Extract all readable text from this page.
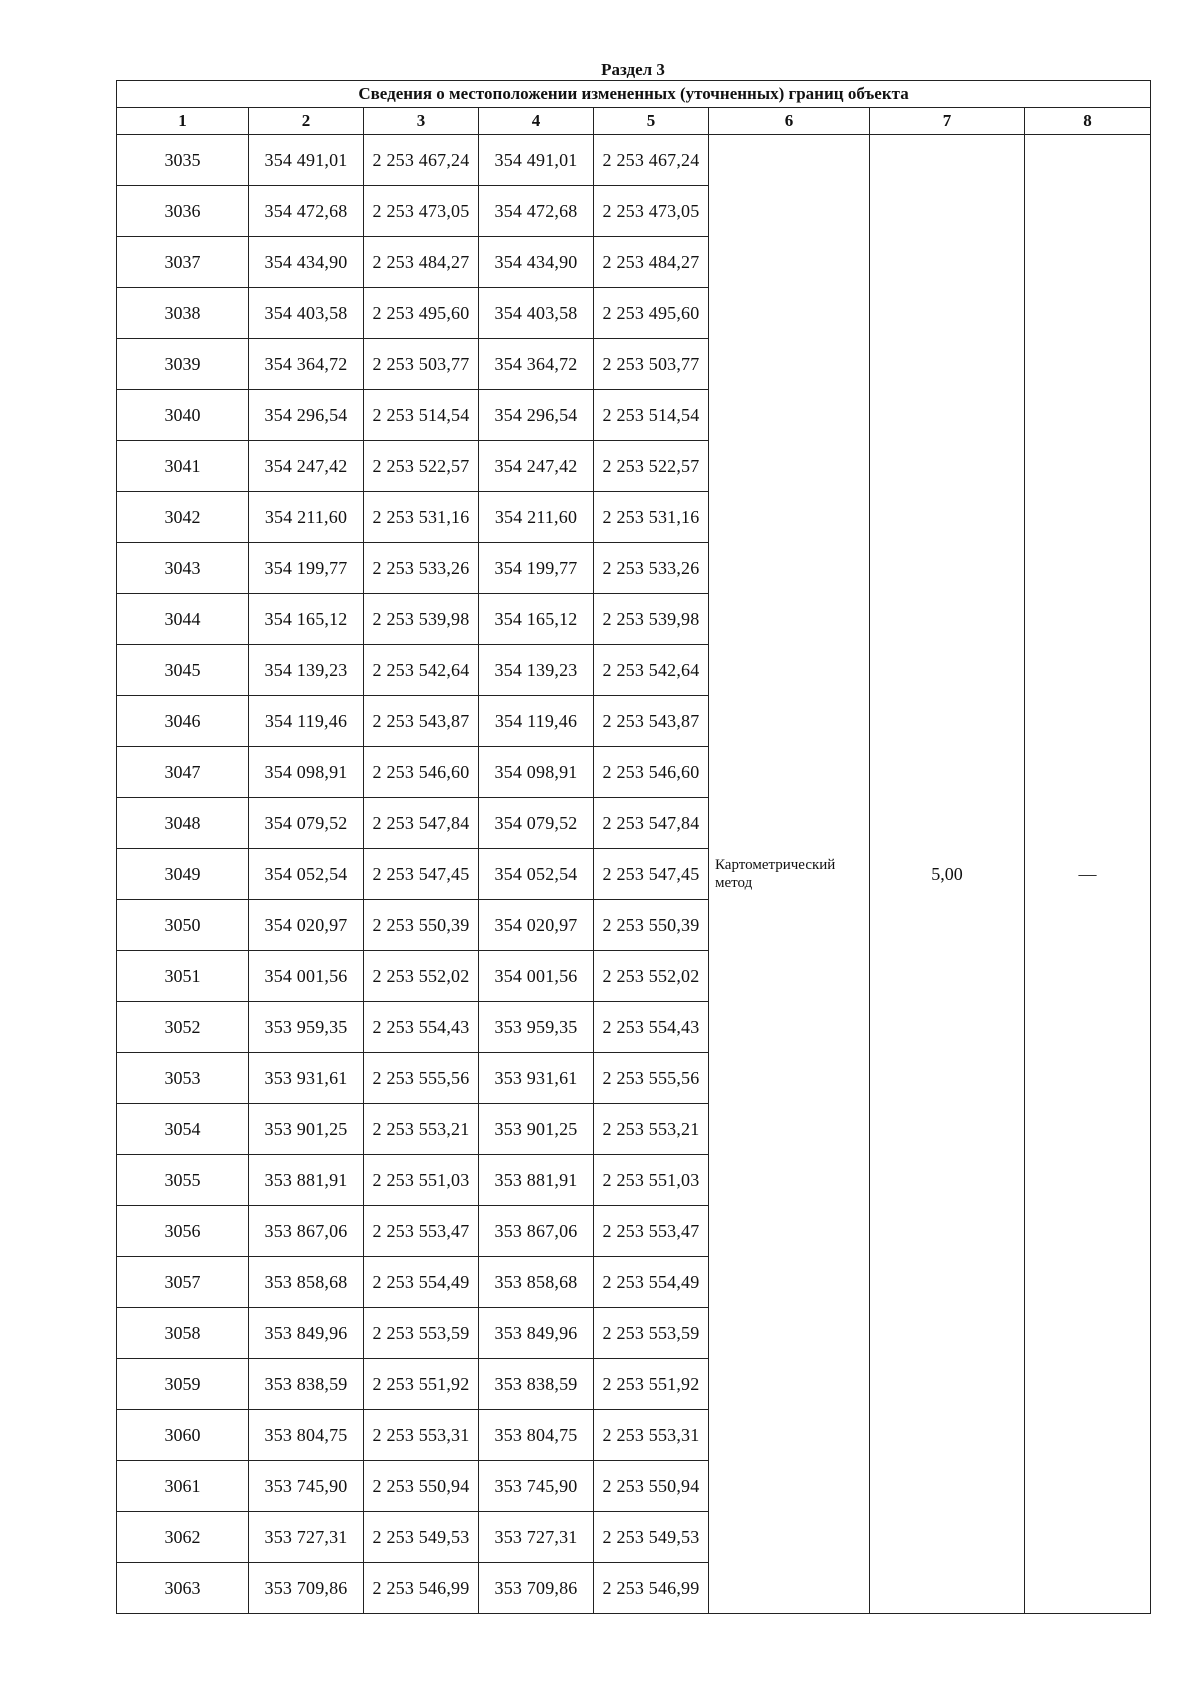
Раздел 3
Сведения о местоположении измененных (уточненных) границ объекта							
1	2	3	4	5	6	7	8
3035	354 491,01	2 253 467,24	354 491,01	2 253 467,24	Картометрический метод	5,00	—
3036	354 472,68	2 253 473,05	354 472,68	2 253 473,05			
3037	354 434,90	2 253 484,27	354 434,90	2 253 484,27			
3038	354 403,58	2 253 495,60	354 403,58	2 253 495,60			
3039	354 364,72	2 253 503,77	354 364,72	2 253 503,77			
3040	354 296,54	2 253 514,54	354 296,54	2 253 514,54			
3041	354 247,42	2 253 522,57	354 247,42	2 253 522,57			
3042	354 211,60	2 253 531,16	354 211,60	2 253 531,16			
3043	354 199,77	2 253 533,26	354 199,77	2 253 533,26			
3044	354 165,12	2 253 539,98	354 165,12	2 253 539,98			
3045	354 139,23	2 253 542,64	354 139,23	2 253 542,64			
3046	354 119,46	2 253 543,87	354 119,46	2 253 543,87			
3047	354 098,91	2 253 546,60	354 098,91	2 253 546,60			
3048	354 079,52	2 253 547,84	354 079,52	2 253 547,84			
3049	354 052,54	2 253 547,45	354 052,54	2 253 547,45			
3050	354 020,97	2 253 550,39	354 020,97	2 253 550,39			
3051	354 001,56	2 253 552,02	354 001,56	2 253 552,02			
3052	353 959,35	2 253 554,43	353 959,35	2 253 554,43			
3053	353 931,61	2 253 555,56	353 931,61	2 253 555,56			
3054	353 901,25	2 253 553,21	353 901,25	2 253 553,21			
3055	353 881,91	2 253 551,03	353 881,91	2 253 551,03			
3056	353 867,06	2 253 553,47	353 867,06	2 253 553,47			
3057	353 858,68	2 253 554,49	353 858,68	2 253 554,49			
3058	353 849,96	2 253 553,59	353 849,96	2 253 553,59			
3059	353 838,59	2 253 551,92	353 838,59	2 253 551,92			
3060	353 804,75	2 253 553,31	353 804,75	2 253 553,31			
3061	353 745,90	2 253 550,94	353 745,90	2 253 550,94			
3062	353 727,31	2 253 549,53	353 727,31	2 253 549,53			
3063	353 709,86	2 253 546,99	353 709,86	2 253 546,99			
